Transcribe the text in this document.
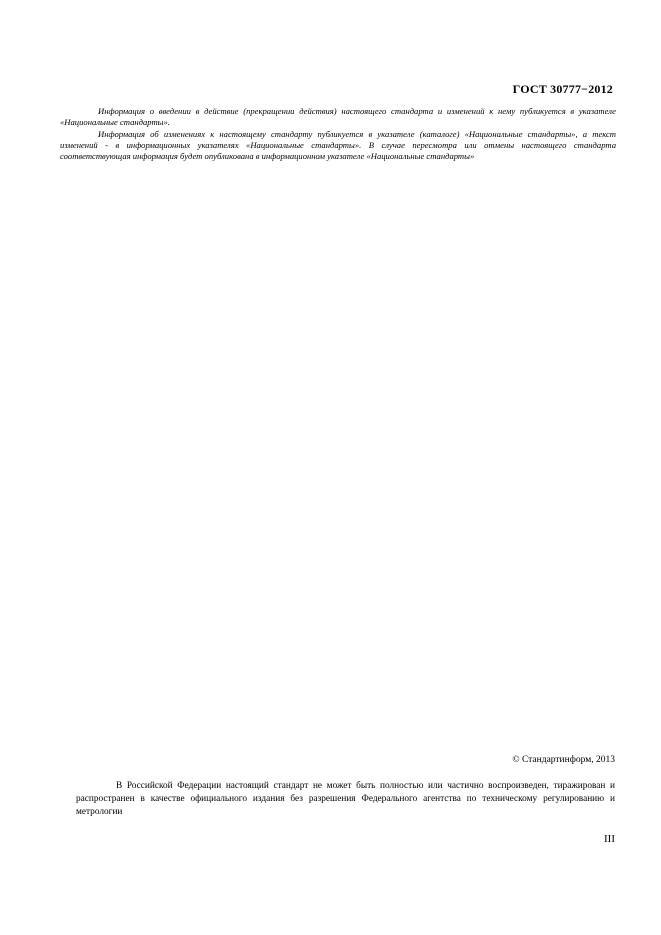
ГОСТ 30777−2012

Информация о введении в действие (прекращении действия) настоящего стандарта и изменений к нему публикуется в указателе «Национальные стандарты».

Информация об изменениях к настоящему стандарту публикуется в указателе (каталоге) «Национальные стандарты», а текст изменений - в информационных указателях «Национальные стандарты». В случае пересмотра или отмены настоящего стандарта соответствующая информация будет опубликована в информационном указателе «Национальные стандарты»

© Стандартинформ, 2013

В Российской Федерации настоящий стандарт не может быть полностью или частично воспроизведен, тиражирован и распространен в качестве официального издания без разрешения Федерального агентства по техническому регулированию и метрологии

III
